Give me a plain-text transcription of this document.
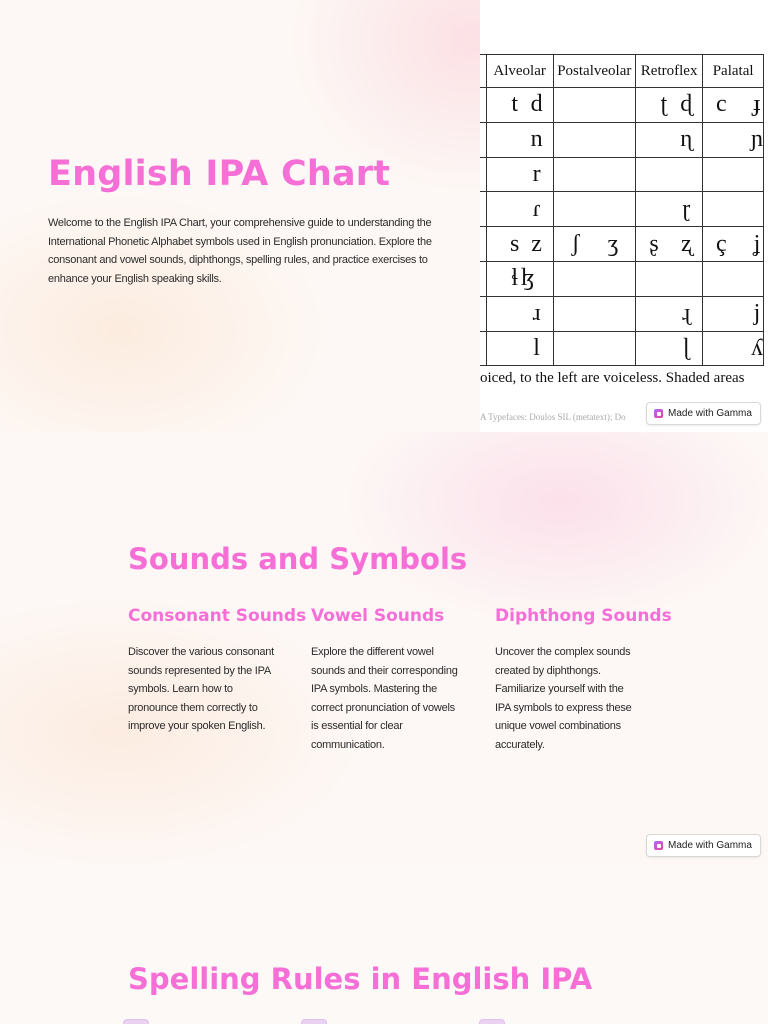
English IPA Chart

Welcome to the English IPA Chart, your comprehensive guide to understanding the International Phonetic Alphabet symbols used in English pronunciation. Explore the consonant and vowel sounds, diphthongs, spelling rules, and practice exercises to enhance your English speaking skills.

	Alveolar	Postalveolar	Retroflex	Palatal

	t d		ʈ ɖ	c ɟ

	n		ɳ	ɲ

	r			

	ɾ		ɽ	

	s z	ʃ ʒ	ʂ ʐ	ç ʝ

	ɬ ɮ			

	ɹ		ɻ	j

	l		ɭ	ʎ
oiced, to the left are voiceless. Shaded areas
A Typefaces: Doulos SIL (metatext); Do	Made with Gamma
Sounds and Symbols
Consonant Sounds

Discover the various consonant sounds represented by the IPA symbols. Learn how to pronounce them correctly to improve your spoken English.

Vowel Sounds

Explore the different vowel sounds and their corresponding IPA symbols. Mastering the correct pronunciation of vowels is essential for clear communication.

Diphthong Sounds

Uncover the complex sounds created by diphthongs. Familiarize yourself with the IPA symbols to express these unique vowel combinations accurately.

Made with Gamma
Spelling Rules in English IPA
